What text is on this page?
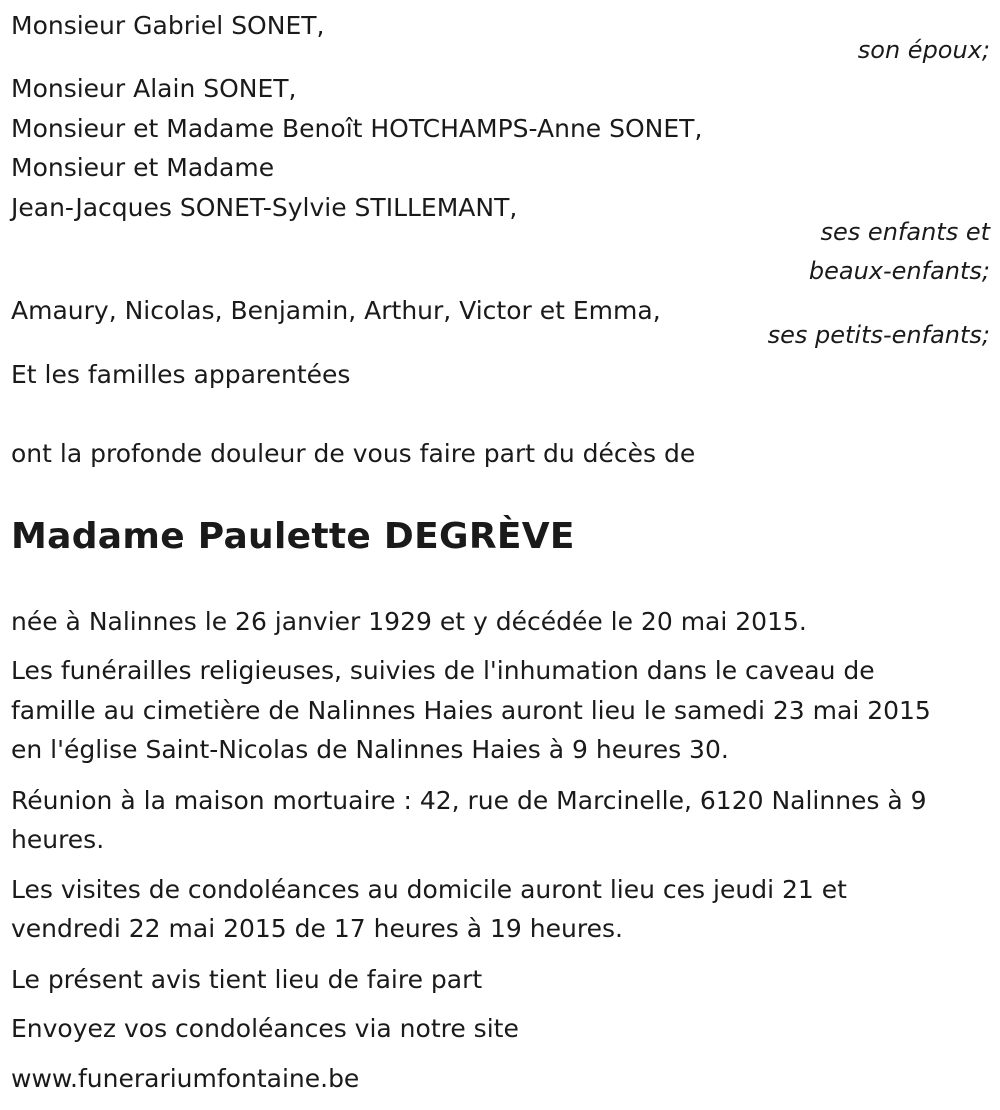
Monsieur Gabriel SONET,
son époux;
Monsieur Alain SONET,
Monsieur et Madame Benoît HOTCHAMPS-Anne SONET,
Monsieur et Madame
Jean-Jacques SONET-Sylvie STILLEMANT,
ses enfants et
beaux-enfants;
Amaury, Nicolas, Benjamin, Arthur, Victor et Emma,
ses petits-enfants;
Et les familles apparentées
ont la profonde douleur de vous faire part du décès de
Madame Paulette DEGRÈVE
née à Nalinnes le 26 janvier 1929 et y décédée le 20 mai 2015.
Les funérailles religieuses, suivies de l'inhumation dans le caveau de
famille au cimetière de Nalinnes Haies auront lieu le samedi 23 mai 2015
en l'église Saint-Nicolas de Nalinnes Haies à 9 heures 30.
Réunion à la maison mortuaire : 42, rue de Marcinelle, 6120 Nalinnes à 9
heures.
Les visites de condoléances au domicile auront lieu ces jeudi 21 et
vendredi 22 mai 2015 de 17 heures à 19 heures.
Le présent avis tient lieu de faire part
Envoyez vos condoléances via notre site
www.funerariumfontaine.be
